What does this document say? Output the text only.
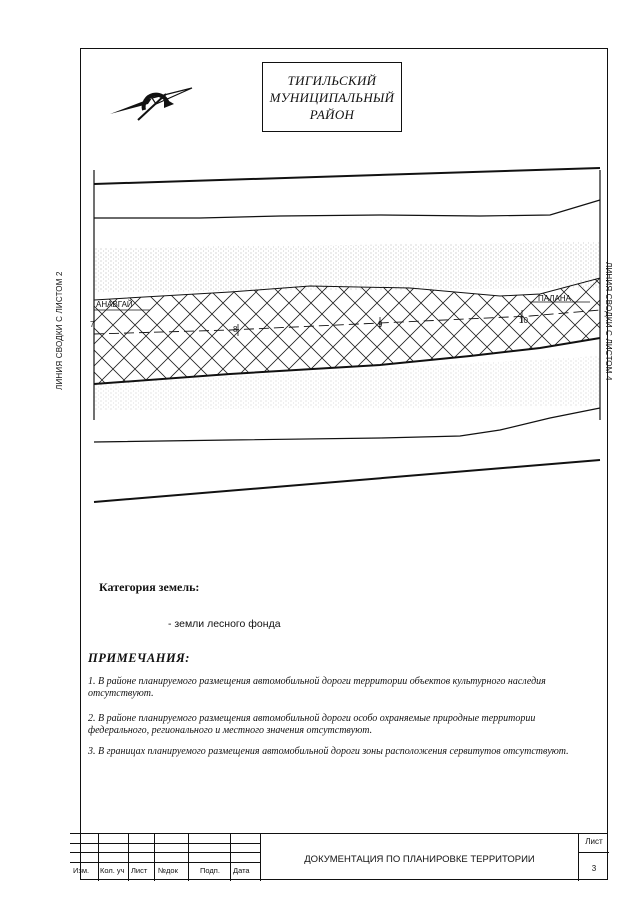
ТИГИЛЬСКИЙ
МУНИЦИПАЛЬНЫЙ
РАЙОН
ЛИНИЯ СВОДКИ С ЛИСТОМ 2	ЛИНИЯ СВОДКИ С ЛИСТОМ 4
АНАВГАЙ
ПАЛАНА
7
8
9	10
Категория земель:
- земли лесного фонда
ПРИМЕЧАНИЯ:
1. В районе планируемого размещения автомобильной дороги территории объектов культурного наследия отсутствуют.
2. В районе планируемого размещения автомобильной дороги особо охраняемые природные территории федерального, регионального и местного значения отсутствуют.
3. В границах планируемого размещения автомобильной дороги зоны расположения сервитутов отсутствуют.
Изм. Кол. уч Лист №док	Подп. Дата
ДОКУМЕНТАЦИЯ ПО ПЛАНИРОВКЕ ТЕРРИТОРИИ
Лист
3
